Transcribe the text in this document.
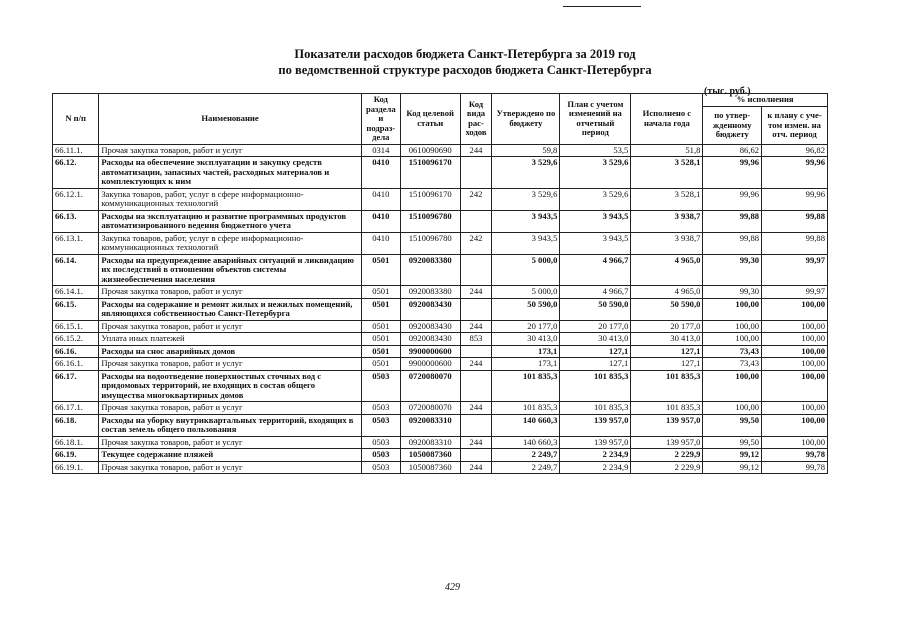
Показатели расходов бюджета Санкт-Петербурга за 2019 год
по ведомственной структуре расходов бюджета Санкт-Петербурга
(тыс. руб.)
N п/п	Наименование	Код раздела и подраз-дела	Код целевой статьи	Код вида рас-ходов	Утверждено по бюджету	План с учетом изменений на отчетный период	Исполнено с начала года	% исполнения	
								по утвер-жденному бюджету	к плану с уче-том измен. на отч. период
66.11.1.	Прочая закупка товаров, работ и услуг	0314	0610090690	244	59,8	53,5	51,8	86,62	96,82
66.12.	Расходы на обеспечение эксплуатации и закупку средств автоматизации, запасных частей, расходных материалов и комплектующих к ним	0410	1510096170		3 529,6	3 529,6	3 528,1	99,96	99,96
66.12.1.	Закупка товаров, работ, услуг в сфере информационно-коммуникационных технологий	0410	1510096170	242	3 529,6	3 529,6	3 528,1	99,96	99,96
66.13.	Расходы на эксплуатацию и развитие программных продуктов автоматизированного ведения бюджетного учета	0410	1510096780		3 943,5	3 943,5	3 938,7	99,88	99,88
66.13.1.	Закупка товаров, работ, услуг в сфере информационно-коммуникационных технологий	0410	1510096780	242	3 943,5	3 943,5	3 938,7	99,88	99,88
66.14.	Расходы на предупреждение аварийных ситуаций и ликвидацию их последствий в отношении объектов системы жизнеобеспечения населения	0501	0920083380		5 000,0	4 966,7	4 965,0	99,30	99,97
66.14.1.	Прочая закупка товаров, работ и услуг	0501	0920083380	244	5 000,0	4 966,7	4 965,0	99,30	99,97
66.15.	Расходы на содержание и ремонт жилых и нежилых помещений, являющихся собственностью Санкт-Петербурга	0501	0920083430		50 590,0	50 590,0	50 590,0	100,00	100,00
66.15.1.	Прочая закупка товаров, работ и услуг	0501	0920083430	244	20 177,0	20 177,0	20 177,0	100,00	100,00
66.15.2.	Уплата иных платежей	0501	0920083430	853	30 413,0	30 413,0	30 413,0	100,00	100,00
66.16.	Расходы на снос аварийных домов	0501	9900000600		173,1	127,1	127,1	73,43	100,00
66.16.1.	Прочая закупка товаров, работ и услуг	0501	9900000600	244	173,1	127,1	127,1	73,43	100,00
66.17.	Расходы на водоотведение поверхностных сточных вод с придомовых территорий, не входящих в состав общего имущества многоквартирных домов	0503	0720080070		101 835,3	101 835,3	101 835,3	100,00	100,00
66.17.1.	Прочая закупка товаров, работ и услуг	0503	0720080070	244	101 835,3	101 835,3	101 835,3	100,00	100,00
66.18.	Расходы на уборку внутриквартальных территорий, входящих в состав земель общего пользования	0503	0920083310		140 660,3	139 957,0	139 957,0	99,50	100,00
66.18.1.	Прочая закупка товаров, работ и услуг	0503	0920083310	244	140 660,3	139 957,0	139 957,0	99,50	100,00
66.19.	Текущее содержание пляжей	0503	1050087360		2 249,7	2 234,9	2 229,9	99,12	99,78
66.19.1.	Прочая закупка товаров, работ и услуг	0503	1050087360	244	2 249,7	2 234,9	2 229,9	99,12	99,78
429
